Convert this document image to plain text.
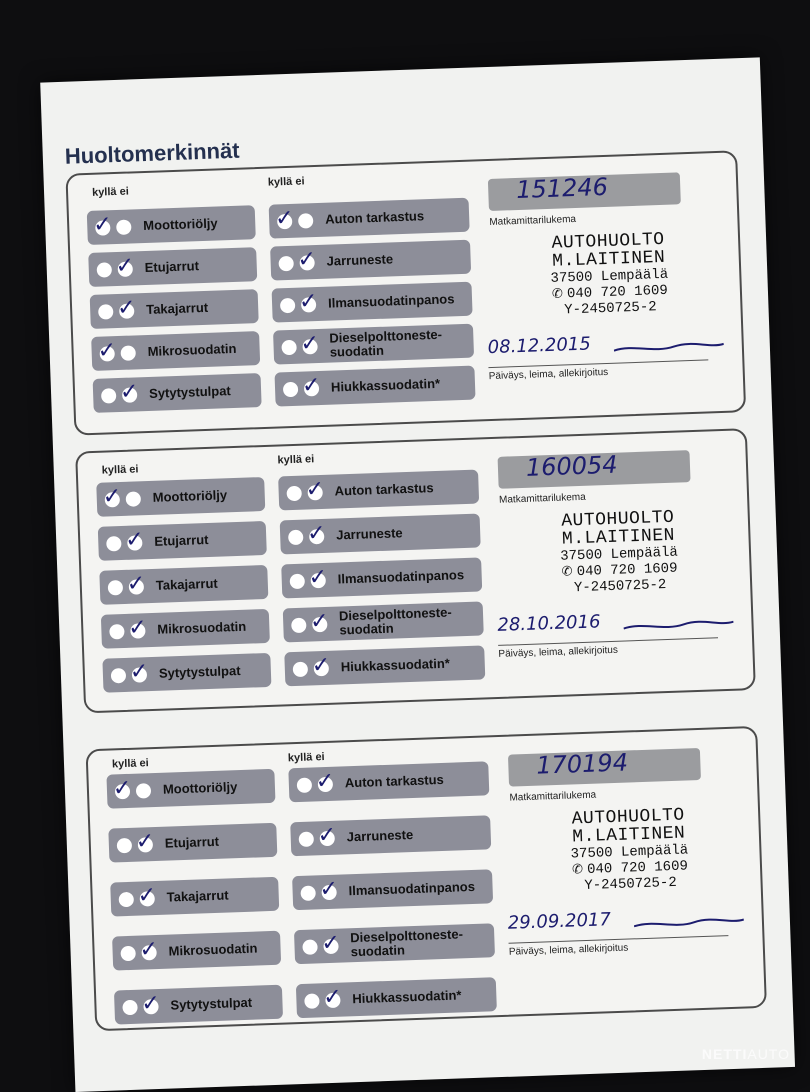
Huoltomerkinnät
kyllä ei
kyllä ei
✓ Moottoriöljy
✓ Etujarrut
✓ Takajarrut
✓ Mikrosuodatin
✓ Sytytystulpat
✓ Auton tarkastus
✓ Jarruneste
✓ Ilmansuodatinpanos
✓ Dieselpolttoneste-
suodatin
✓ Hiukkassuodatin*
151246
Matkamittarilukema
AUTOHUOLTO
M.LAITINEN
37500 Lempäälä
✆ 040 720 1609
Y-2450725-2
08.12.2015
Päiväys, leima, allekirjoitus
kyllä ei
kyllä ei
✓ Moottoriöljy
✓ Etujarrut
✓ Takajarrut
✓ Mikrosuodatin
✓ Sytytystulpat
✓ Auton tarkastus
✓ Jarruneste
✓ Ilmansuodatinpanos
✓ Dieselpolttoneste-
suodatin
✓ Hiukkassuodatin*
160054
Matkamittarilukema
AUTOHUOLTO
M.LAITINEN
37500 Lempäälä
✆ 040 720 1609
Y-2450725-2
28.10.2016
Päiväys, leima, allekirjoitus
kyllä ei	kyllä ei
✓ Moottoriöljy
✓ Etujarrut
✓ Takajarrut
✓ Mikrosuodatin
✓ Sytytystulpat
✓ Auton tarkastus
✓ Jarruneste
✓ Ilmansuodatinpanos
✓ Dieselpolttoneste-
suodatin
✓ Hiukkassuodatin*
170194
Matkamittarilukema
AUTOHUOLTO
M.LAITINEN
37500 Lempäälä
✆ 040 720 1609
Y-2450725-2
29.09.2017
Päiväys, leima, allekirjoitus
NETTIAUTO
